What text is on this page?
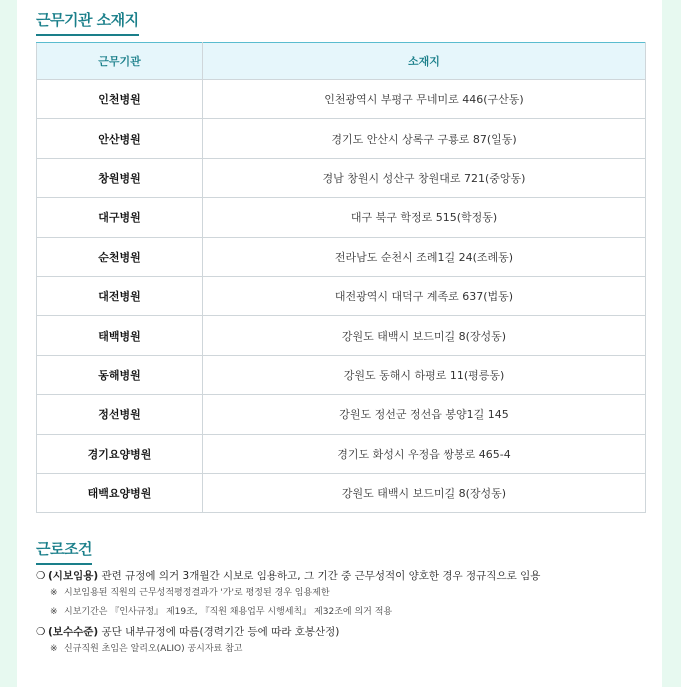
근무기관 소재지
근무기관	소재지
인천병원	인천광역시 부평구 무네미로 446(구산동)
안산병원	경기도 안산시 상록구 구룡로 87(일동)
창원병원	경남 창원시 성산구 창원대로 721(중앙동)
대구병원	대구 북구 학정로 515(학정동)
순천병원	전라남도 순천시 조례1길 24(조례동)
대전병원	대전광역시 대덕구 계족로 637(법동)
태백병원	강원도 태백시 보드미길 8(장성동)
동해병원	강원도 동해시 하평로 11(평릉동)
정선병원	강원도 정선군 정선읍 봉양1길 145
경기요양병원	경기도 화성시 우정읍 쌍봉로 465-4
태백요양병원	강원도 태백시 보드미길 8(장성동)
근로조건
❍ (시보임용) 관련 규정에 의거 3개월간 시보로 임용하고, 그 기간 중 근무성적이 양호한 경우 정규직으로 임용
※ 시보임용된 직원의 근무성적평정결과가 '가'로 평정된 경우 임용제한
※ 시보기간은 『인사규정』 제19조, 『직원 채용업무 시행세칙』 제32조에 의거 적용
❍ (보수수준) 공단 내부규정에 따름(경력기간 등에 따라 호봉산정)
※ 신규직원 초임은 알리오(ALIO) 공시자료 참고
